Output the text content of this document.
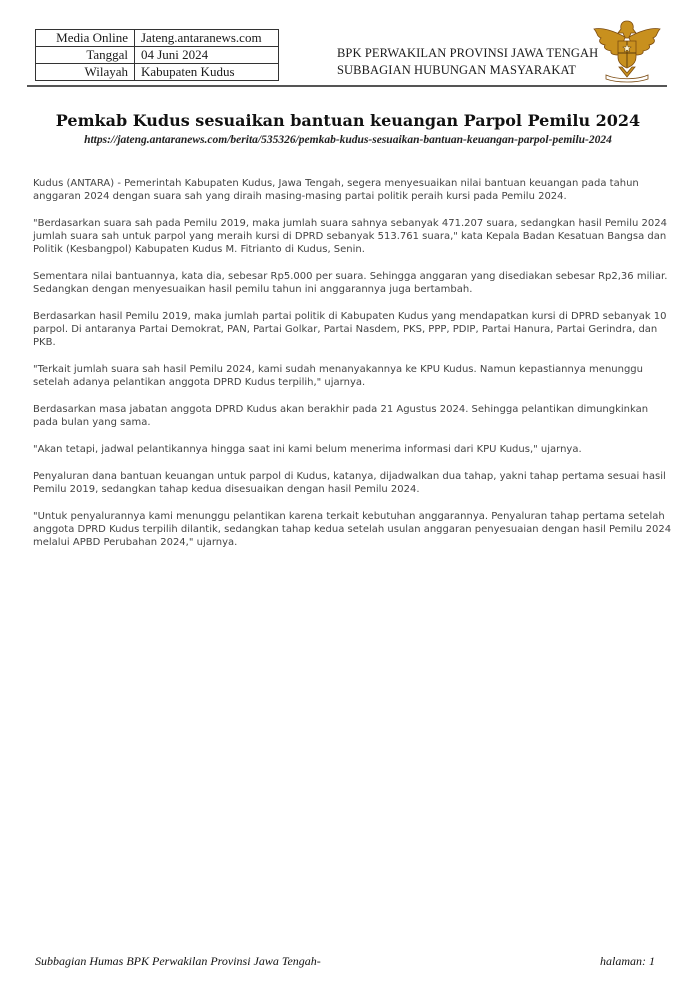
Media Online	Jateng.antaranews.com
Tanggal	04 Juni 2024
Wilayah	Kabupaten Kudus
BPK PERWAKILAN PROVINSI JAWA TENGAH
SUBBAGIAN HUBUNGAN MASYARAKAT
Pemkab Kudus sesuaikan bantuan keuangan Parpol Pemilu 2024
https://jateng.antaranews.com/berita/535326/pemkab-kudus-sesuaikan-bantuan-keuangan-parpol-pemilu-2024

Kudus (ANTARA) - Pemerintah Kabupaten Kudus, Jawa Tengah, segera menyesuaikan nilai bantuan keuangan pada tahun anggaran 2024 dengan suara sah yang diraih masing-masing partai politik peraih kursi pada Pemilu 2024.

"Berdasarkan suara sah pada Pemilu 2019, maka jumlah suara sahnya sebanyak 471.207 suara, sedangkan hasil Pemilu 2024 jumlah suara sah untuk parpol yang meraih kursi di DPRD sebanyak 513.761 suara," kata Kepala Badan Kesatuan Bangsa dan Politik (Kesbangpol) Kabupaten Kudus M. Fitrianto di Kudus, Senin.

Sementara nilai bantuannya, kata dia, sebesar Rp5.000 per suara. Sehingga anggaran yang disediakan sebesar Rp2,36 miliar. Sedangkan dengan menyesuaikan hasil pemilu tahun ini anggarannya juga bertambah.

Berdasarkan hasil Pemilu 2019, maka jumlah partai politik di Kabupaten Kudus yang mendapatkan kursi di DPRD sebanyak 10 parpol. Di antaranya Partai Demokrat, PAN, Partai Golkar, Partai Nasdem, PKS, PPP, PDIP, Partai Hanura, Partai Gerindra, dan PKB.

"Terkait jumlah suara sah hasil Pemilu 2024, kami sudah menanyakannya ke KPU Kudus. Namun kepastiannya menunggu setelah adanya pelantikan anggota DPRD Kudus terpilih," ujarnya.

Berdasarkan masa jabatan anggota DPRD Kudus akan berakhir pada 21 Agustus 2024. Sehingga pelantikan dimungkinkan pada bulan yang sama.

"Akan tetapi, jadwal pelantikannya hingga saat ini kami belum menerima informasi dari KPU Kudus," ujarnya.

Penyaluran dana bantuan keuangan untuk parpol di Kudus, katanya, dijadwalkan dua tahap, yakni tahap pertama sesuai hasil Pemilu 2019, sedangkan tahap kedua disesuaikan dengan hasil Pemilu 2024.

"Untuk penyalurannya kami menunggu pelantikan karena terkait kebutuhan anggarannya. Penyaluran tahap pertama setelah anggota DPRD Kudus terpilih dilantik, sedangkan tahap kedua setelah usulan anggaran penyesuaian dengan hasil Pemilu 2024 melalui APBD Perubahan 2024," ujarnya.

Subbagian Humas BPK Perwakilan Provinsi Jawa Tengah-	halaman: 1
